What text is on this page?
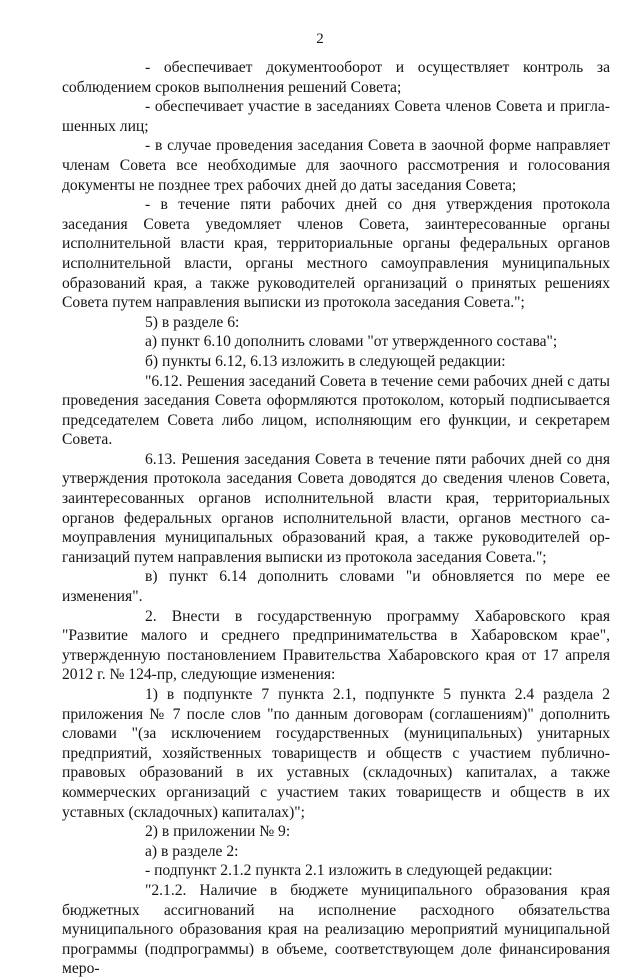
2

- обеспечивает документооборот и осуществляет контроль за соблюдением сроков выполнения решений Совета;

- обеспечивает участие в заседаниях Совета членов Совета и приглашенных лиц;

- в случае проведения заседания Совета в заочной форме направляет членам Совета все необходимые для заочного рассмотрения и голосования документы не позднее трех рабочих дней до даты заседания Совета;

- в течение пяти рабочих дней со дня утверждения протокола заседания Совета уведомляет членов Совета, заинтересованные органы исполнительной власти края, территориальные органы федеральных органов исполнительной власти, органы местного самоуправления муниципальных образований края, а также руководителей организаций о принятых решениях Совета путем направления выписки из протокола заседания Совета.";

5) в разделе 6:

а) пункт 6.10 дополнить словами "от утвержденного состава";

б) пункты 6.12, 6.13 изложить в следующей редакции:

"6.12. Решения заседаний Совета в течение семи рабочих дней с даты проведения заседания Совета оформляются протоколом, который подписывается председателем Совета либо лицом, исполняющим его функции, и секретарем Совета.

6.13. Решения заседания Совета в течение пяти рабочих дней со дня утверждения протокола заседания Совета доводятся до сведения членов Совета, заинтересованных органов исполнительной власти края, территориальных органов федеральных органов исполнительной власти, органов местного самоуправления муниципальных образований края, а также руководителей организаций путем направления выписки из протокола заседания Совета.";

в) пункт 6.14 дополнить словами "и обновляется по мере ее изменения".

2. Внести в государственную программу Хабаровского края "Развитие малого и среднего предпринимательства в Хабаровском крае", утвержденную постановлением Правительства Хабаровского края от 17 апреля 2012 г. № 124-пр, следующие изменения:

1) в подпункте 7 пункта 2.1, подпункте 5 пункта 2.4 раздела 2 приложения № 7 после слов "по данным договорам (соглашениям)" дополнить словами "(за исключением государственных (муниципальных) унитарных предприятий, хозяйственных товариществ и обществ с участием публично-правовых образований в их уставных (складочных) капиталах, а также коммерческих организаций с участием таких товариществ и обществ в их уставных (складочных) капиталах)";

2) в приложении № 9:

а) в разделе 2:

- подпункт 2.1.2 пункта 2.1 изложить в следующей редакции:

"2.1.2. Наличие в бюджете муниципального образования края бюджетных ассигнований на исполнение расходного обязательства муниципального образования края на реализацию мероприятий муниципальной программы (подпрограммы) в объеме, соответствующем доле финансирования меро-
